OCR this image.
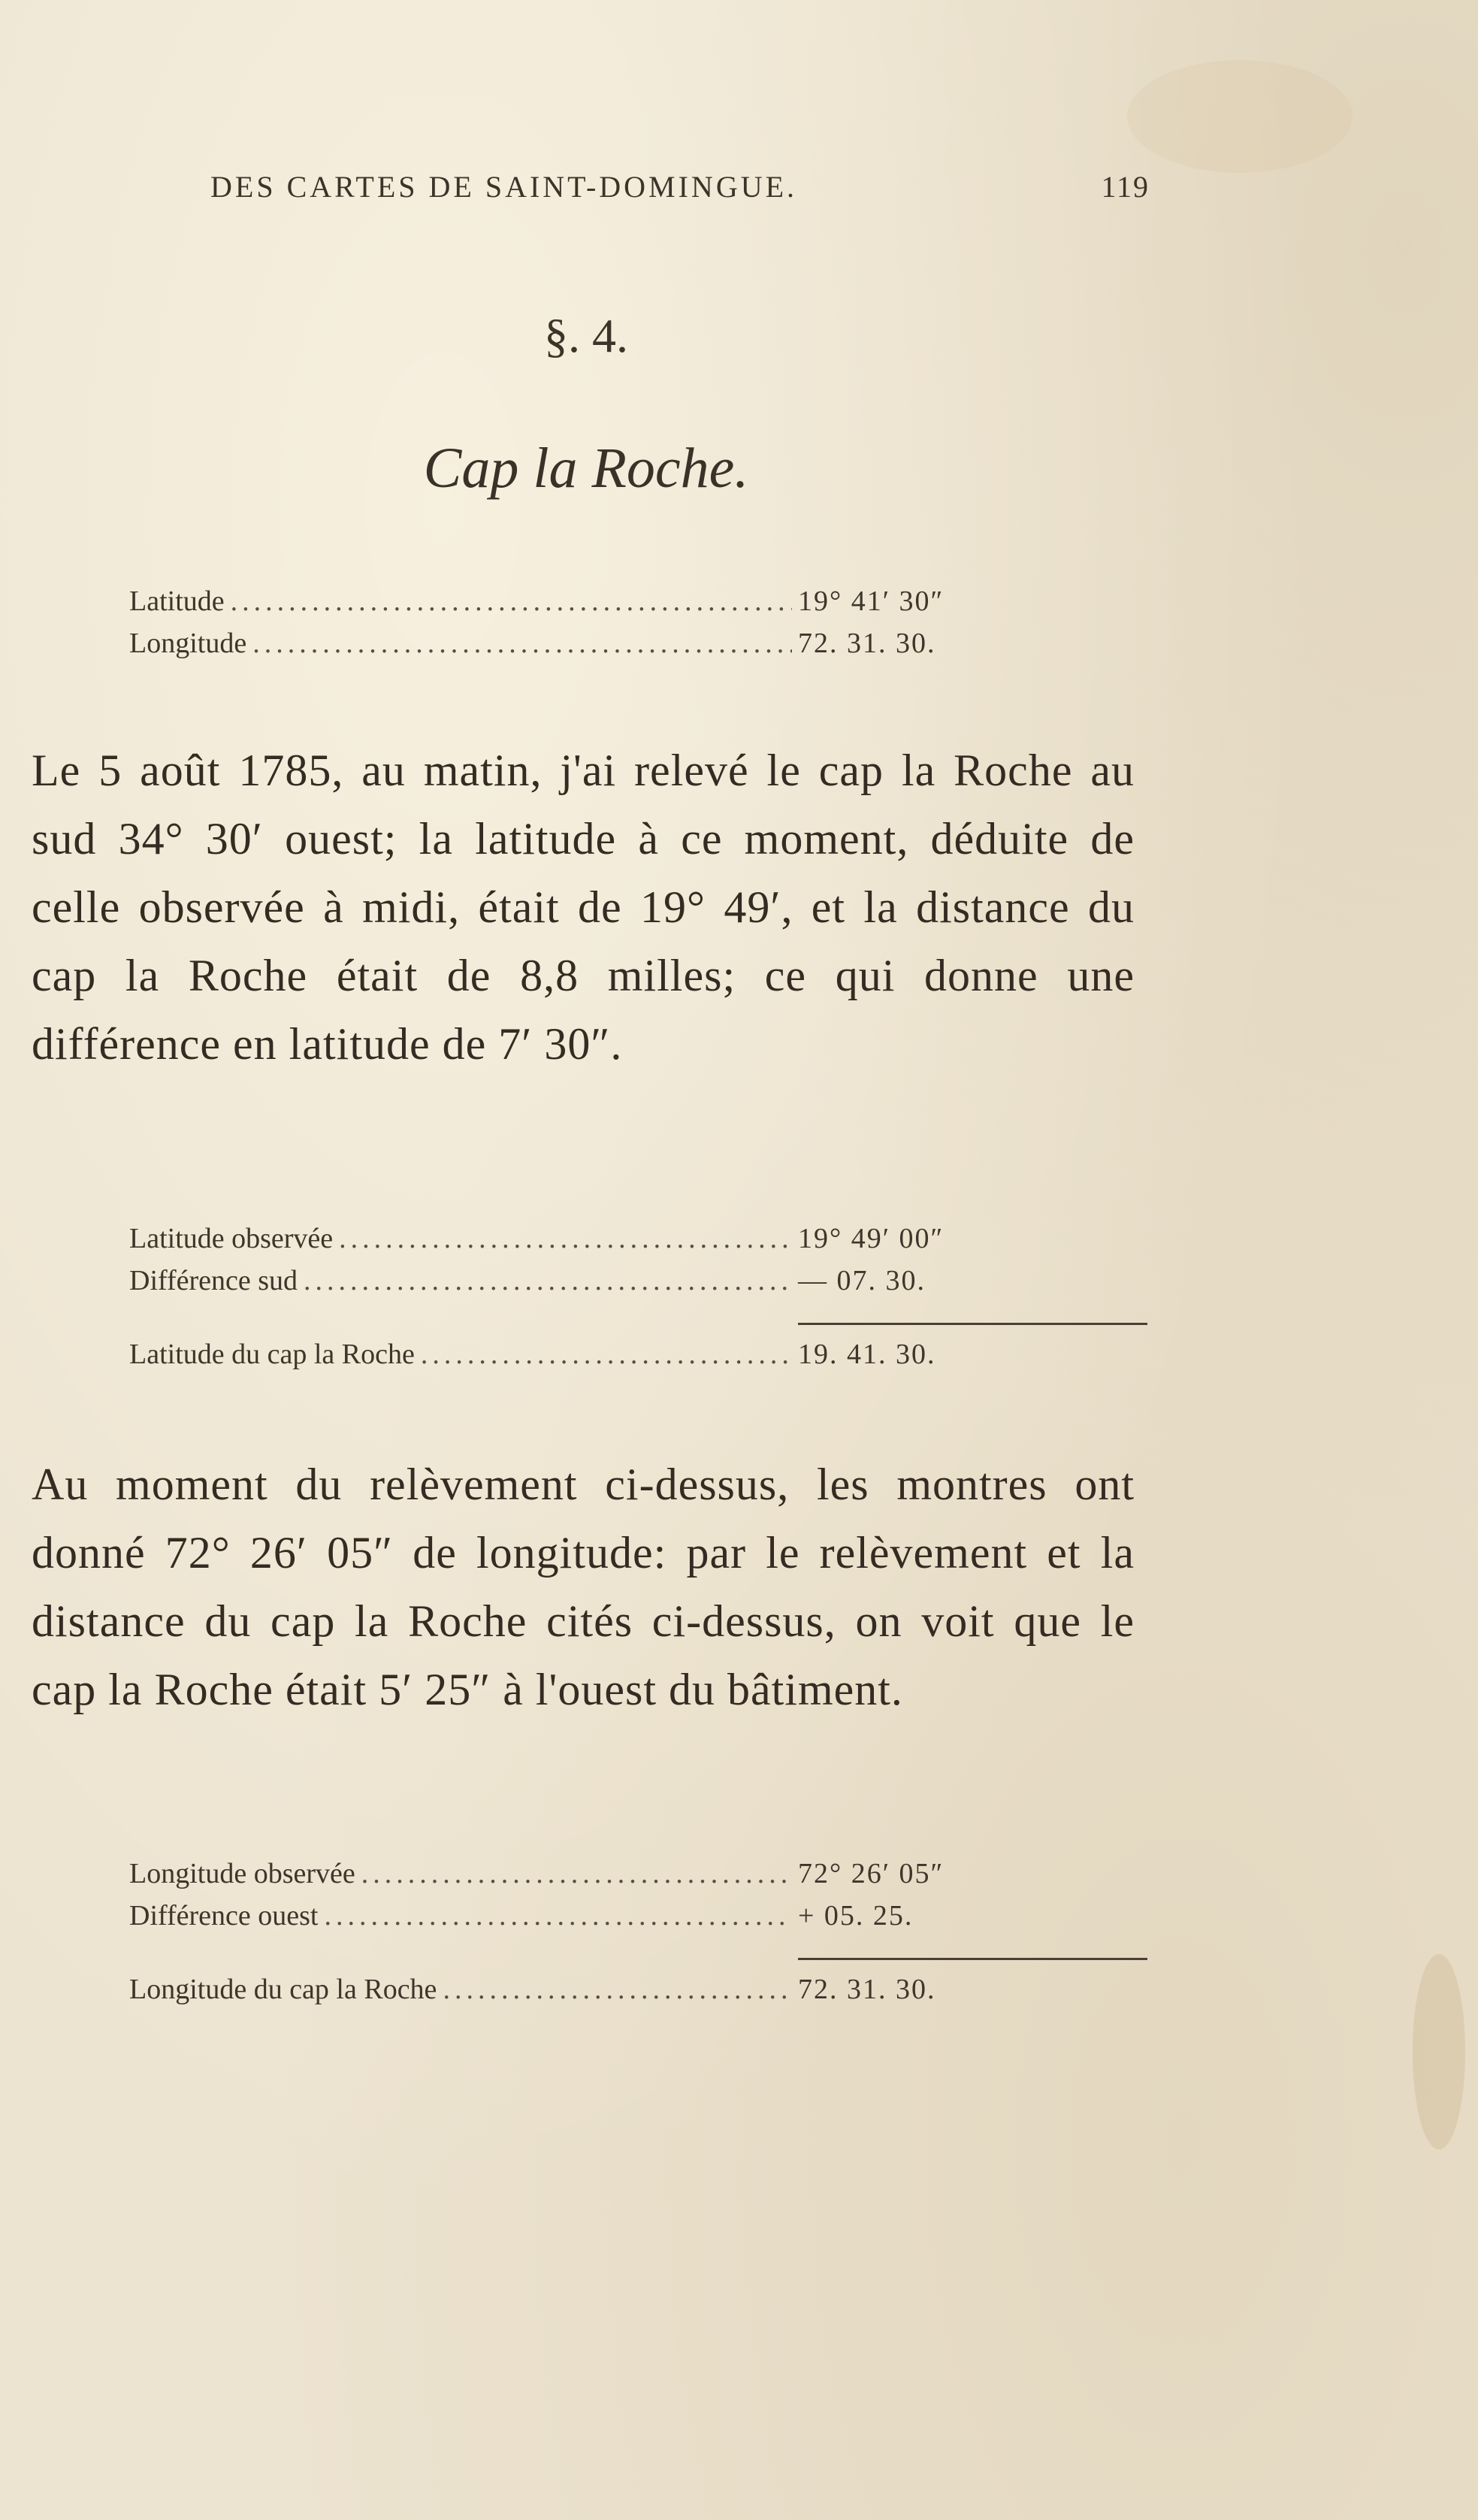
DES CARTES DE SAINT-DOMINGUE.	119
§. 4.
Cap la Roche.
Latitude .....	19° 41′ 30″
Longitude .....	72. 31. 30.
Le 5 août 1785, au matin, j'ai relevé le cap la Roche au sud 34° 30′ ouest; la latitude à ce moment, déduite de celle observée à midi, était de 19° 49′, et la distance du cap la Roche était de 8,8 milles; ce qui donne une différence en latitude de 7′ 30″.
Latitude observée .....	19° 49′ 00″
Différence sud .....	— 07. 30.
Latitude du cap la Roche .....	19. 41. 30.
Au moment du relèvement ci-dessus, les montres ont donné 72° 26′ 05″ de longitude: par le relèvement et la distance du cap la Roche cités ci-dessus, on voit que le cap la Roche était 5′ 25″ à l'ouest du bâtiment.
Longitude observée .....	72° 26′ 05″
Différence ouest .....	+ 05. 25.
Longitude du cap la Roche .....	72. 31. 30.
